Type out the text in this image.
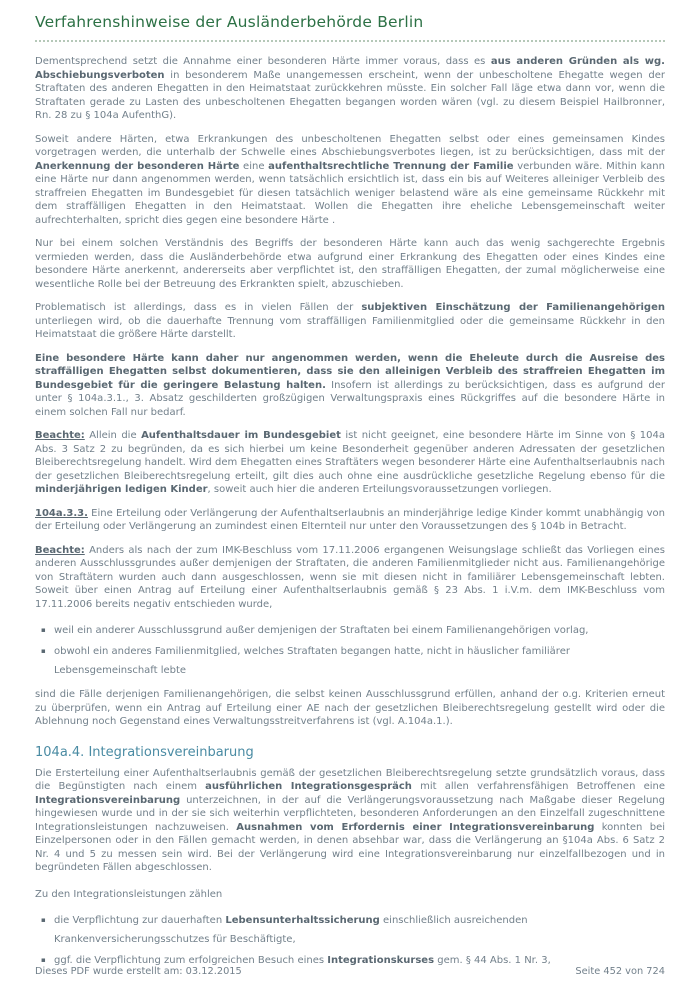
Verfahrenshinweise der Ausländerbehörde Berlin

Dementsprechend setzt die Annahme einer besonderen Härte immer voraus, dass es aus anderen Gründen als wg. Abschiebungsverboten in besonderem Maße unangemessen erscheint, wenn der unbescholtene Ehegatte wegen der Straftaten des anderen Ehegatten in den Heimatstaat zurückkehren müsste. Ein solcher Fall läge etwa dann vor, wenn die Straftaten gerade zu Lasten des unbescholtenen Ehegatten begangen worden wären (vgl. zu diesem Beispiel Hailbronner, Rn. 28 zu § 104a AufenthG).

Soweit andere Härten, etwa Erkrankungen des unbescholtenen Ehegatten selbst oder eines gemeinsamen Kindes vorgetragen werden, die unterhalb der Schwelle eines Abschiebungsverbotes liegen, ist zu berücksichtigen, dass mit der Anerkennung der besonderen Härte eine aufenthaltsrechtliche Trennung der Familie verbunden wäre. Mithin kann eine Härte nur dann angenommen werden, wenn tatsächlich ersichtlich ist, dass ein bis auf Weiteres alleiniger Verbleib des straffreien Ehegatten im Bundesgebiet für diesen tatsächlich weniger belastend wäre als eine gemeinsame Rückkehr mit dem straffälligen Ehegatten in den Heimatstaat. Wollen die Ehegatten ihre eheliche Lebensgemeinschaft weiter aufrechterhalten, spricht dies gegen eine besondere Härte .

Nur bei einem solchen Verständnis des Begriffs der besonderen Härte kann auch das wenig sachgerechte Ergebnis vermieden werden, dass die Ausländerbehörde etwa aufgrund einer Erkrankung des Ehegatten oder eines Kindes eine besondere Härte anerkennt, andererseits aber verpflichtet ist, den straffälligen Ehegatten, der zumal möglicherweise eine wesentliche Rolle bei der Betreuung des Erkrankten spielt, abzuschieben.

Problematisch ist allerdings, dass es in vielen Fällen der subjektiven Einschätzung der Familienangehörigen unterliegen wird, ob die dauerhafte Trennung vom straffälligen Familienmitglied oder die gemeinsame Rückkehr in den Heimatstaat die größere Härte darstellt.

Eine besondere Härte kann daher nur angenommen werden, wenn die Eheleute durch die Ausreise des straffälligen Ehegatten selbst dokumentieren, dass sie den alleinigen Verbleib des straffreien Ehegatten im Bundesgebiet für die geringere Belastung halten. Insofern ist allerdings zu berücksichtigen, dass es aufgrund der unter § 104a.3.1., 3. Absatz geschilderten großzügigen Verwaltungspraxis eines Rückgriffes auf die besondere Härte in einem solchen Fall nur bedarf.

Beachte: Allein die Aufenthaltsdauer im Bundesgebiet ist nicht geeignet, eine besondere Härte im Sinne von § 104a Abs. 3 Satz 2 zu begründen, da es sich hierbei um keine Besonderheit gegenüber anderen Adressaten der gesetzlichen Bleiberechtsregelung handelt. Wird dem Ehegatten eines Straftäters wegen besonderer Härte eine Aufenthaltserlaubnis nach der gesetzlichen Bleiberechtsregelung erteilt, gilt dies auch ohne eine ausdrückliche gesetzliche Regelung ebenso für die minderjährigen ledigen Kinder, soweit auch hier die anderen Erteilungsvoraussetzungen vorliegen.

104a.3.3. Eine Erteilung oder Verlängerung der Aufenthaltserlaubnis an minderjährige ledige Kinder kommt unabhängig von der Erteilung oder Verlängerung an zumindest einen Elternteil nur unter den Voraussetzungen des § 104b in Betracht.

Beachte: Anders als nach der zum IMK-Beschluss vom 17.11.2006 ergangenen Weisungslage schließt das Vorliegen eines anderen Ausschlussgrundes außer demjenigen der Straftaten, die anderen Familienmitglieder nicht aus. Familienangehörige von Straftätern wurden auch dann ausgeschlossen, wenn sie mit diesen nicht in familiärer Lebensgemeinschaft lebten. Soweit über einen Antrag auf Erteilung einer Aufenthaltserlaubnis gemäß § 23 Abs. 1 i.V.m. dem IMK-Beschluss vom 17.11.2006 bereits negativ entschieden wurde,

▪ weil ein anderer Ausschlussgrund außer demjenigen der Straftaten bei einem Familienangehörigen vorlag,
▪ obwohl ein anderes Familienmitglied, welches Straftaten begangen hatte, nicht in häuslicher familiärer Lebensgemeinschaft lebte

sind die Fälle derjenigen Familienangehörigen, die selbst keinen Ausschlussgrund erfüllen, anhand der o.g. Kriterien erneut zu überprüfen, wenn ein Antrag auf Erteilung einer AE nach der gesetzlichen Bleiberechtsregelung gestellt wird oder die Ablehnung noch Gegenstand eines Verwaltungsstreitverfahrens ist (vgl. A.104a.1.).

104a.4. Integrationsvereinbarung

Die Ersterteilung einer Aufenthaltserlaubnis gemäß der gesetzlichen Bleiberechtsregelung setzte grundsätzlich voraus, dass die Begünstigten nach einem ausführlichen Integrationsgespräch mit allen verfahrensfähigen Betroffenen eine Integrationsvereinbarung unterzeichnen, in der auf die Verlängerungsvoraussetzung nach Maßgabe dieser Regelung hingewiesen wurde und in der sie sich weiterhin verpflichteten, besonderen Anforderungen an den Einzelfall zugeschnittene Integrationsleistungen nachzuweisen. Ausnahmen vom Erfordernis einer Integrationsvereinbarung konnten bei Einzelpersonen oder in den Fällen gemacht werden, in denen absehbar war, dass die Verlängerung an §104a Abs. 6 Satz 2 Nr. 4 und 5 zu messen sein wird. Bei der Verlängerung wird eine Integrationsvereinbarung nur einzelfallbezogen und in begründeten Fällen abgeschlossen.

Zu den Integrationsleistungen zählen

▪ die Verpflichtung zur dauerhaften Lebensunterhaltssicherung einschließlich ausreichenden Krankenversicherungsschutzes für Beschäftigte,
▪ ggf. die Verpflichtung zum erfolgreichen Besuch eines Integrationskurses gem. § 44 Abs. 1 Nr. 3,
Dieses PDF wurde erstellt am: 03.12.2015	Seite 452 von 724
